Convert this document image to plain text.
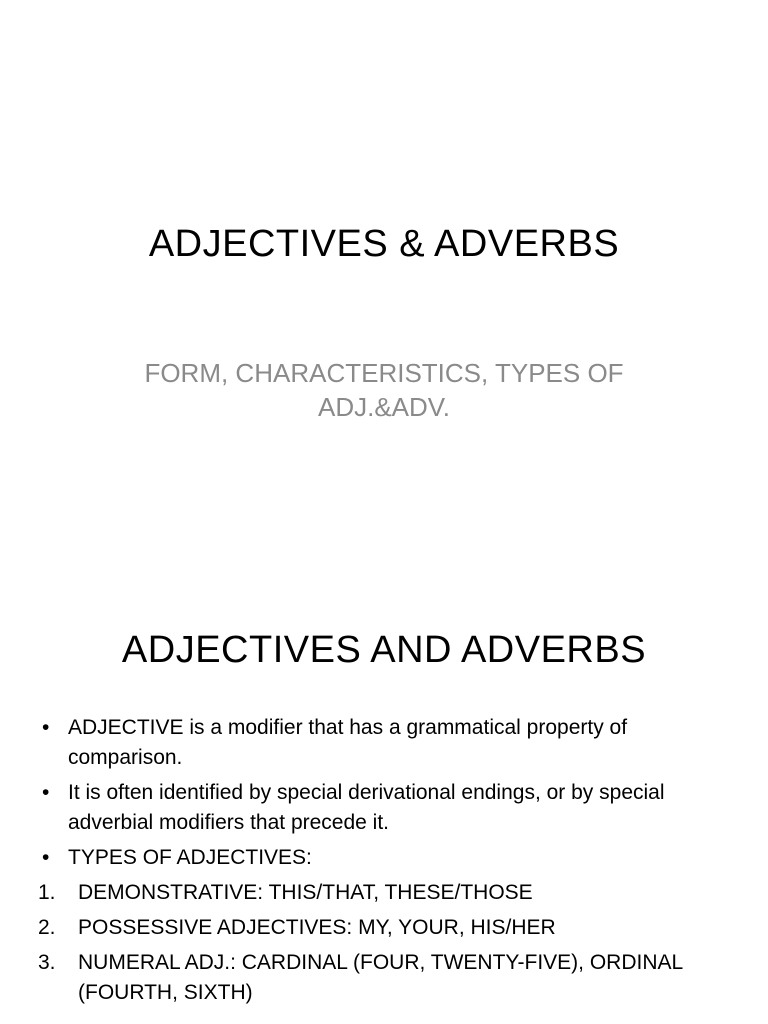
ADJECTIVES & ADVERBS
FORM, CHARACTERISTICS, TYPES OF ADJ.&ADV.
ADJECTIVES AND ADVERBS
• ADJECTIVE is a modifier that has a grammatical property of comparison.
• It is often identified by special derivational endings, or by special adverbial modifiers that precede it.
• TYPES OF ADJECTIVES:
1. DEMONSTRATIVE: THIS/THAT, THESE/THOSE
2. POSSESSIVE ADJECTIVES: MY, YOUR, HIS/HER
3. NUMERAL ADJ.: CARDINAL (FOUR, TWENTY-FIVE), ORDINAL (FOURTH, SIXTH)
